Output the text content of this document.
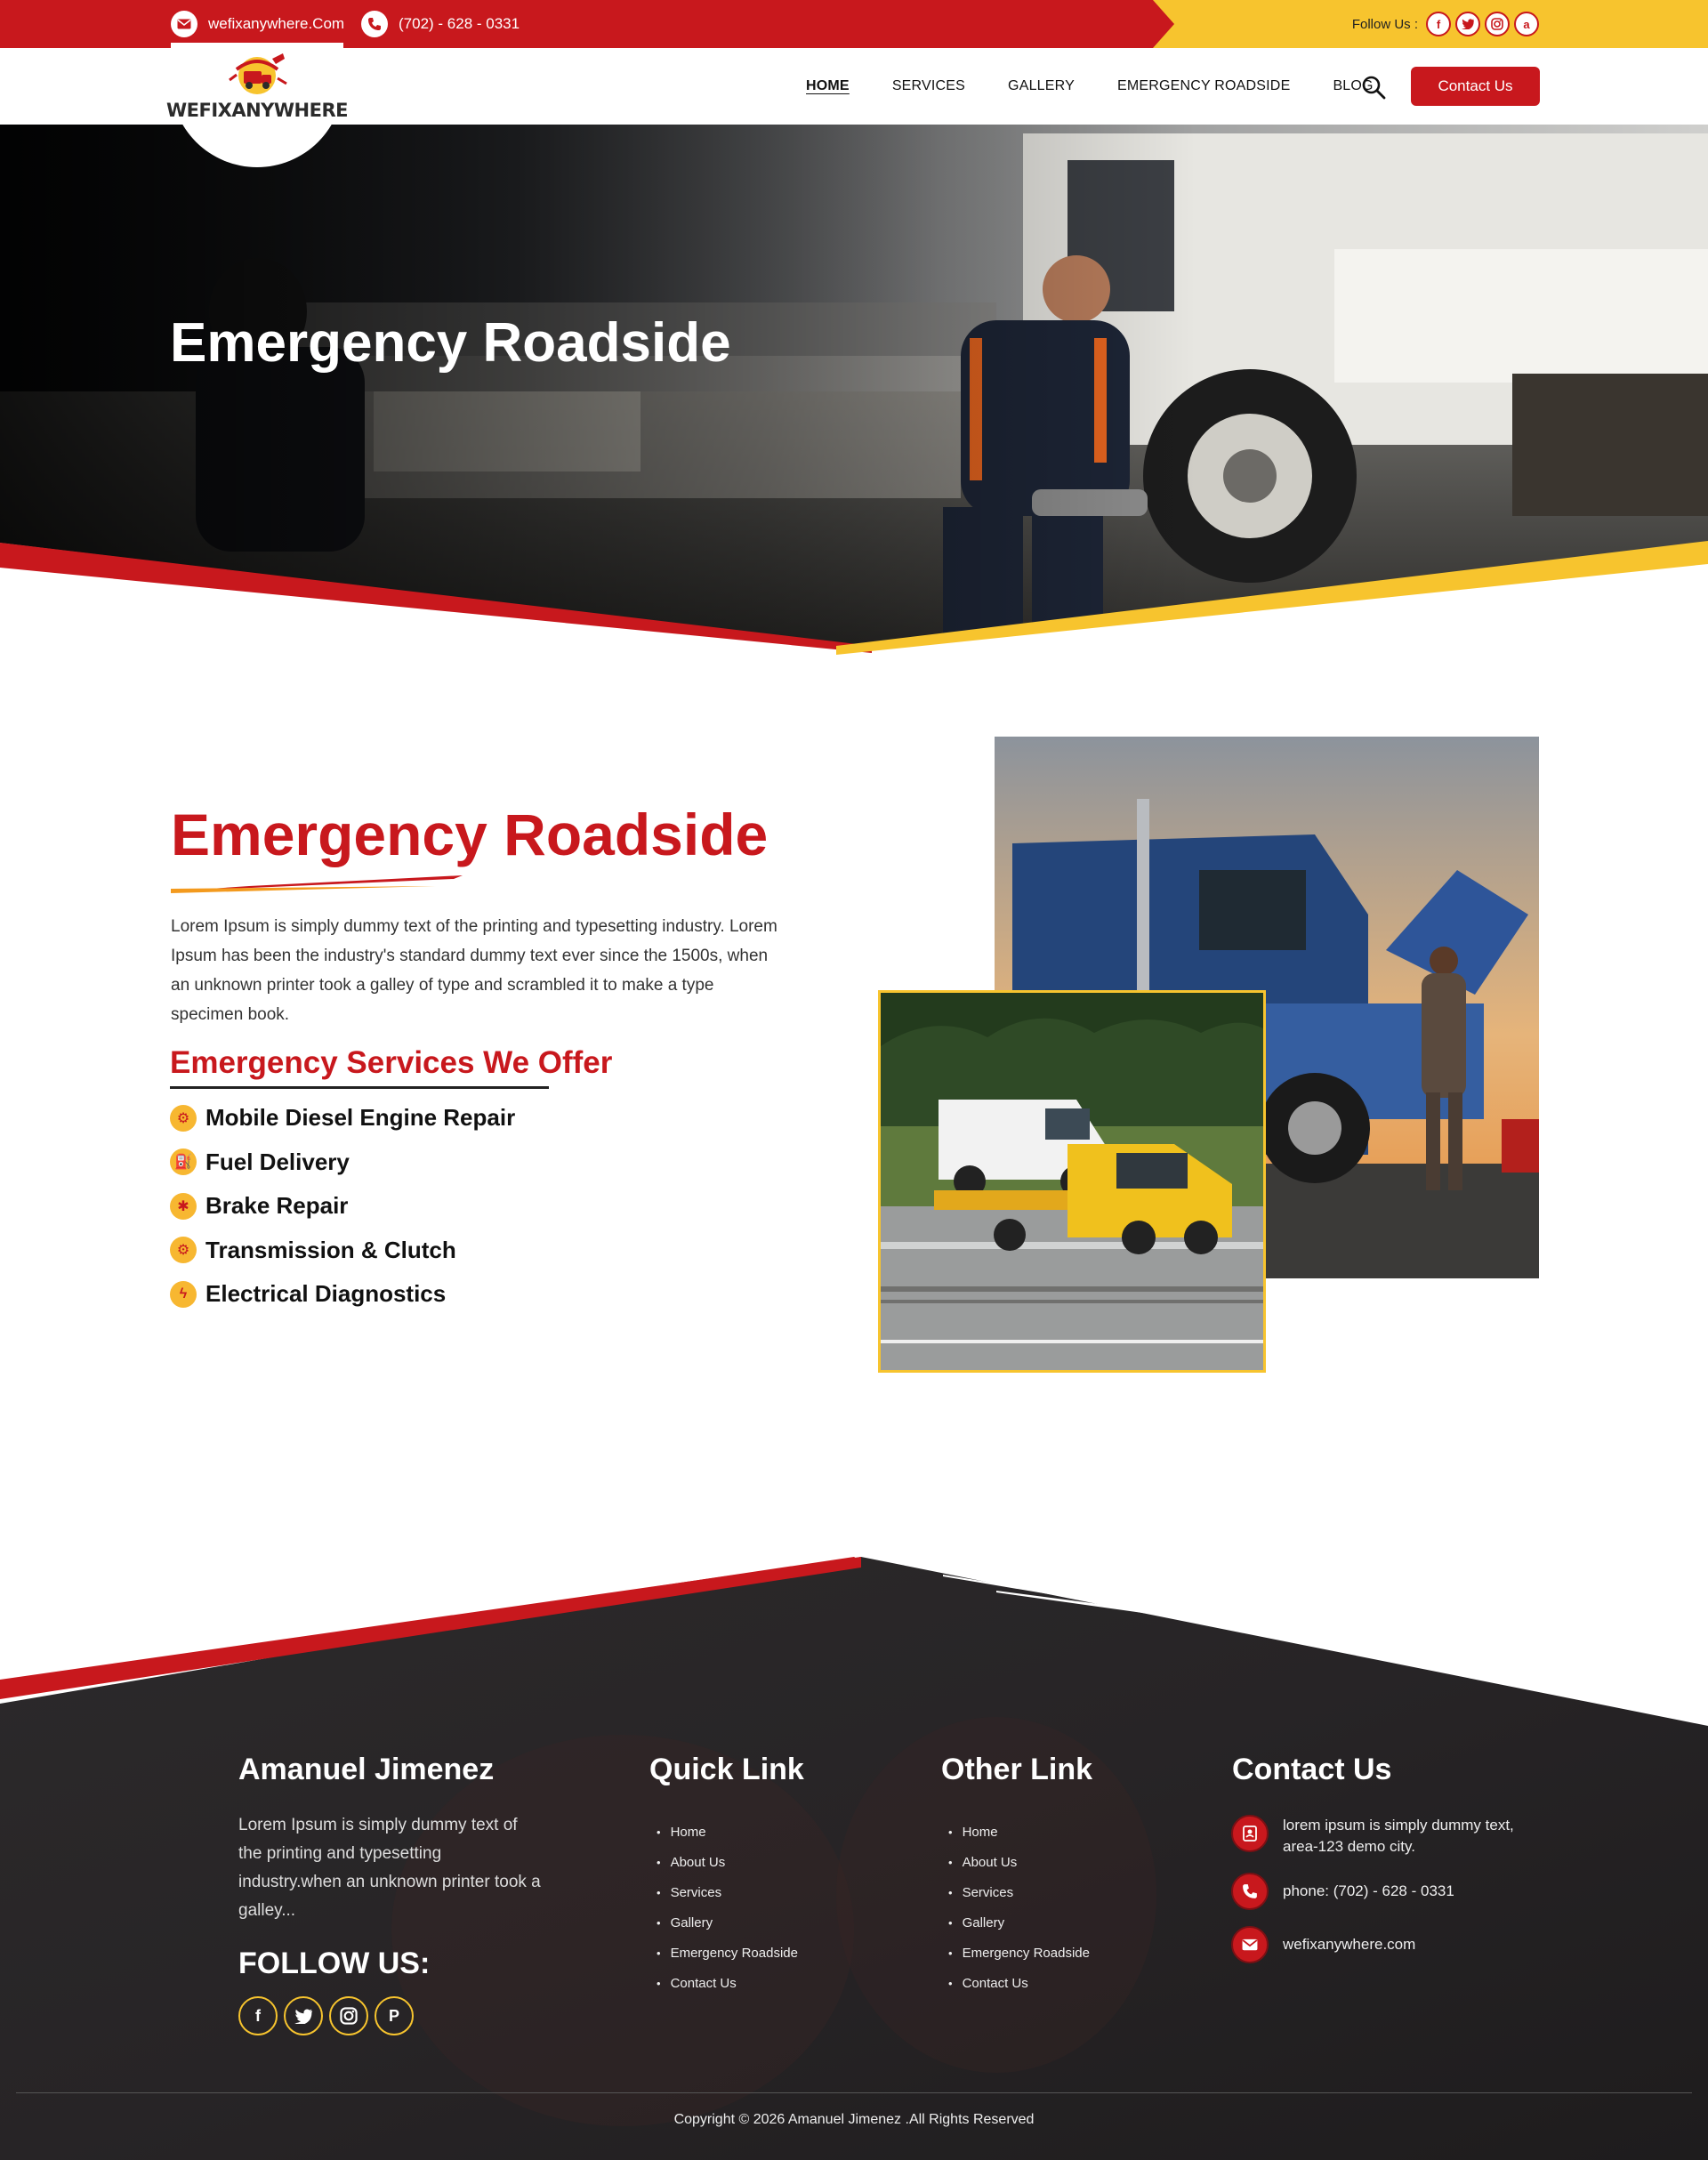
wefixanywhere.Com	(702) - 628 - 0331	Follow Us :	f	a
WEFIXANYWHERE
HOME	SERVICES	GALLERY	EMERGENCY ROADSIDE	BLOG	Contact Us
Emergency Roadside
Emergency Roadside

Lorem Ipsum is simply dummy text of the printing and typesetting industry. Lorem Ipsum has been the industry's standard dummy text ever since the 1500s, when an unknown printer took a galley of type and scrambled it to make a type specimen book.

Emergency Services We Offer
⚙ Mobile Diesel Engine Repair
⛽ Fuel Delivery
✱ Brake Repair
⚙ Transmission & Clutch
ϟ Electrical Diagnostics
Amanuel Jimenez

Lorem Ipsum is simply dummy text of the printing and typesetting industry.when an unknown printer took a galley...

FOLLOW US:
f	P
Quick Link
• Home
• About Us
• Services
• Gallery
• Emergency Roadside
• Contact Us
Other Link
• Home
• About Us
• Services
• Gallery
• Emergency Roadside
• Contact Us
Contact Us
lorem ipsum is simply dummy text, area-123 demo city.
phone: (702) - 628 - 0331
wefixanywhere.com

Copyright © 2026 Amanuel Jimenez .All Rights Reserved
